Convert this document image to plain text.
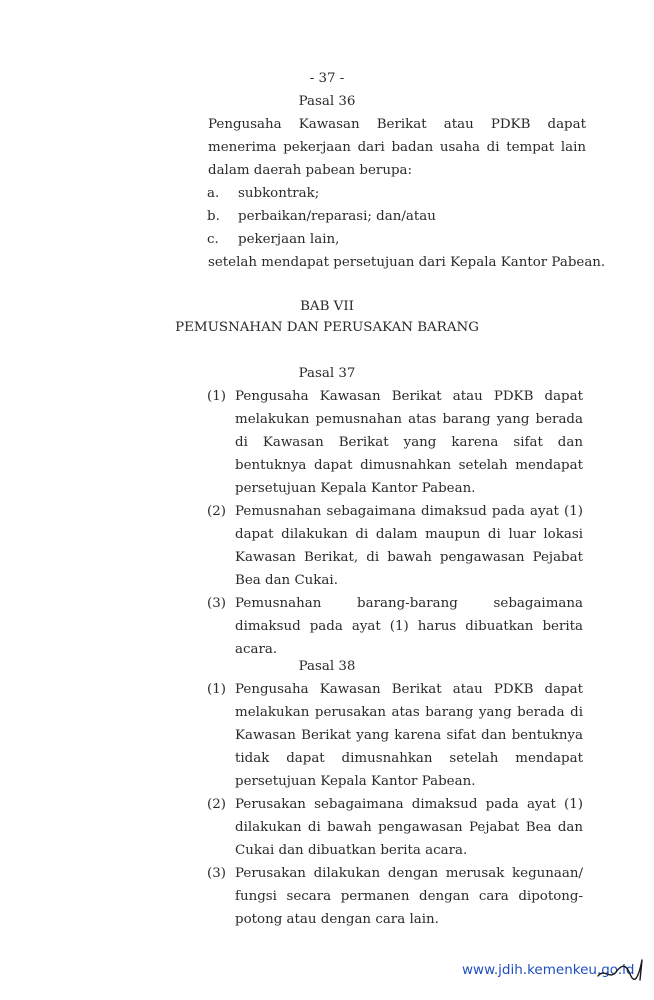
- 37 -
Pasal 36
Pengusaha Kawasan Berikat atau PDKB dapat menerima pekerjaan dari badan usaha di tempat lain dalam daerah pabean berupa:
a. subkontrak;
b. perbaikan/reparasi; dan/atau
c. pekerjaan lain,
setelah mendapat persetujuan dari Kepala Kantor Pabean.
BAB VII
PEMUSNAHAN DAN PERUSAKAN BARANG
Pasal 37
(1) Pengusaha Kawasan Berikat atau PDKB dapat melakukan pemusnahan atas barang yang berada di Kawasan Berikat yang karena sifat dan bentuknya dapat dimusnahkan setelah mendapat persetujuan Kepala Kantor Pabean.
(2) Pemusnahan sebagaimana dimaksud pada ayat (1) dapat dilakukan di dalam maupun di luar lokasi Kawasan Berikat, di bawah pengawasan Pejabat Bea dan Cukai.
(3) Pemusnahan barang-barang sebagaimana dimaksud pada ayat (1) harus dibuatkan berita acara.
Pasal 38
(1) Pengusaha Kawasan Berikat atau PDKB dapat melakukan perusakan atas barang yang berada di Kawasan Berikat yang karena sifat dan bentuknya tidak dapat dimusnahkan setelah mendapat persetujuan Kepala Kantor Pabean.
(2) Perusakan sebagaimana dimaksud pada ayat (1) dilakukan di bawah pengawasan Pejabat Bea dan Cukai dan dibuatkan berita acara.
(3) Perusakan dilakukan dengan merusak kegunaan/ fungsi secara permanen dengan cara dipotong-potong atau dengan cara lain.
www.jdih.kemenkeu.go.id
